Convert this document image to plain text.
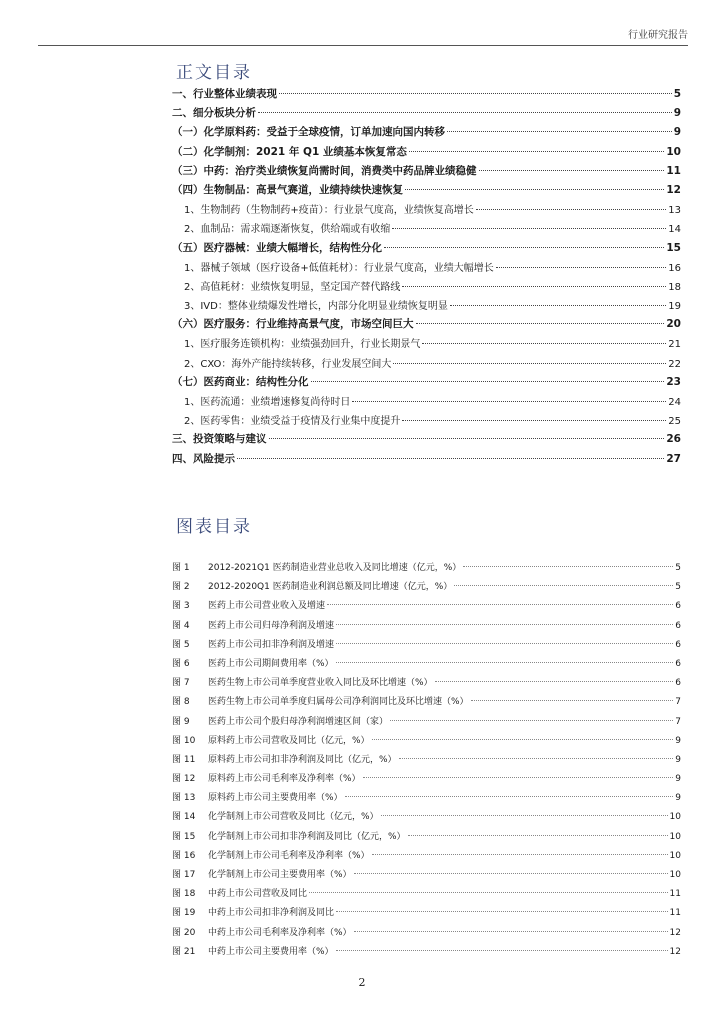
行业研究报告
正文目录
一、行业整体业绩表现	5
二、细分板块分析	9
（一）化学原料药：受益于全球疫情，订单加速向国内转移	9
（二）化学制剂：2021 年 Q1 业绩基本恢复常态	10
（三）中药：治疗类业绩恢复尚需时间，消费类中药品牌业绩稳健	11
（四）生物制品：高景气赛道，业绩持续快速恢复	12
1、生物制药（生物制药+疫苗）：行业景气度高，业绩恢复高增长	13
2、血制品：需求端逐渐恢复，供给端或有收缩	14
（五）医疗器械：业绩大幅增长，结构性分化	15
1、器械子领域（医疗设备+低值耗材）：行业景气度高，业绩大幅增长	16
2、高值耗材：业绩恢复明显，坚定国产替代路线	18
3、IVD：整体业绩爆发性增长，内部分化明显业绩恢复明显	19
（六）医疗服务：行业维持高景气度，市场空间巨大	20
1、医疗服务连锁机构：业绩强劲回升，行业长期景气	21
2、CXO：海外产能持续转移，行业发展空间大	22
（七）医药商业：结构性分化	23
1、医药流通：业绩增速修复尚待时日	24
2、医药零售：业绩受益于疫情及行业集中度提升	25
三、投资策略与建议	26
四、风险提示	27
图表目录
图 1	2012-2021Q1 医药制造业营业总收入及同比增速（亿元，%）	5
图 2	2012-2020Q1 医药制造业利润总额及同比增速（亿元，%）	5
图 3	医药上市公司营业收入及增速	6
图 4	医药上市公司归母净利润及增速	6
图 5	医药上市公司扣非净利润及增速	6
图 6	医药上市公司期间费用率（%）	6
图 7	医药生物上市公司单季度营业收入同比及环比增速（%）	6
图 8	医药生物上市公司单季度归属母公司净利润同比及环比增速（%）	7
图 9	医药上市公司个股归母净利润增速区间（家）	7
图 10	原料药上市公司营收及同比（亿元，%）	9
图 11	原料药上市公司扣非净利润及同比（亿元，%）	9
图 12	原料药上市公司毛利率及净利率（%）	9
图 13	原料药上市公司主要费用率（%）	9
图 14	化学制剂上市公司营收及同比（亿元，%）	10
图 15	化学制剂上市公司扣非净利润及同比（亿元，%）	10
图 16	化学制剂上市公司毛利率及净利率（%）	10
图 17	化学制剂上市公司主要费用率（%）	10
图 18	中药上市公司营收及同比	11
图 19	中药上市公司扣非净利润及同比	11
图 20	中药上市公司毛利率及净利率（%）	12
图 21	中药上市公司主要费用率（%）	12
2
